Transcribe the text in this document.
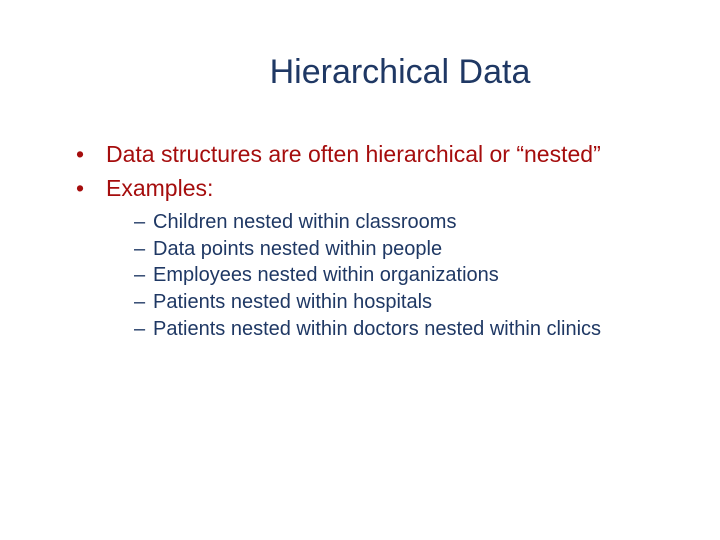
Hierarchical Data
• Data structures are often hierarchical or “nested”
• Examples:
– Children nested within classrooms
– Data points nested within people
– Employees nested within organizations
– Patients nested within hospitals
– Patients nested within doctors nested within clinics
